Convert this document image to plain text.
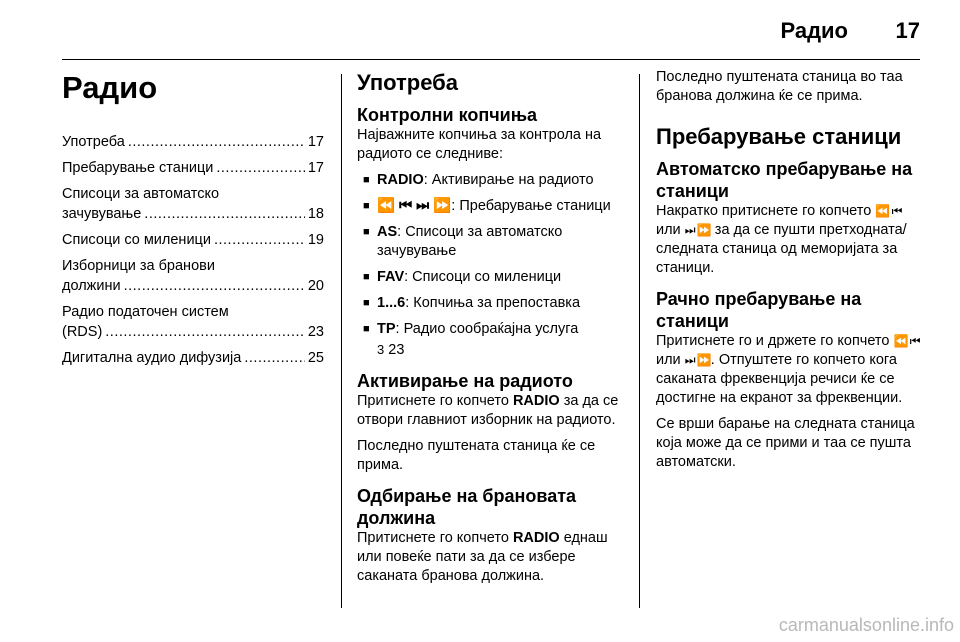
Радио 17
Радио
Употреба .....	17
Пребарување станици .....	17
Списоци за автоматско
зачувување .....	18
Списоци со миленици .....	19
Изборници за бранови
должини .....	20
Радио податочен систем
(RDS) .....	23
Дигитална аудио дифузија .....	25
Употреба
Контролни копчиња

Најважните копчиња за контрола на радиото се следниве:

■ RADIO: Активирање на радиото
■ ⏪ ⏮ ⏭ ⏩: Пребарување станици
■ AS: Списоци за автоматско зачувување
■ FAV: Списоци со миленици
■ 1...6: Копчиња за препоставка
■ TP: Радио сообраќајна услуга
3 23
Активирање на радиото

Притиснете го копчето RADIO за да се отвори главниот изборник на радиото.

Последно пуштената станица ќе се прима.

Одбирање на брановата должина

Притиснете го копчето RADIO еднаш или повеќе пати за да се избере саканата бранова должина.

Последно пуштената станица во таа бранова должина ќе се прима.

Пребарување станици
Автоматско пребарување на станици

Накратко притиснете го копчето ⏪ ⏮ или ⏭ ⏩ за да се пушти претходната/следната станица од меморијата за станици.

Рачно пребарување на станици

Притиснете го и држете го копчето ⏪ ⏮ или ⏭ ⏩. Отпуштете го копчето кога саканата фреквенција речиси ќе се достигне на екранот за фреквенции.

Се врши барање на следната станица која може да се прими и таа се пушта автоматски.

carmanualsonline.info
